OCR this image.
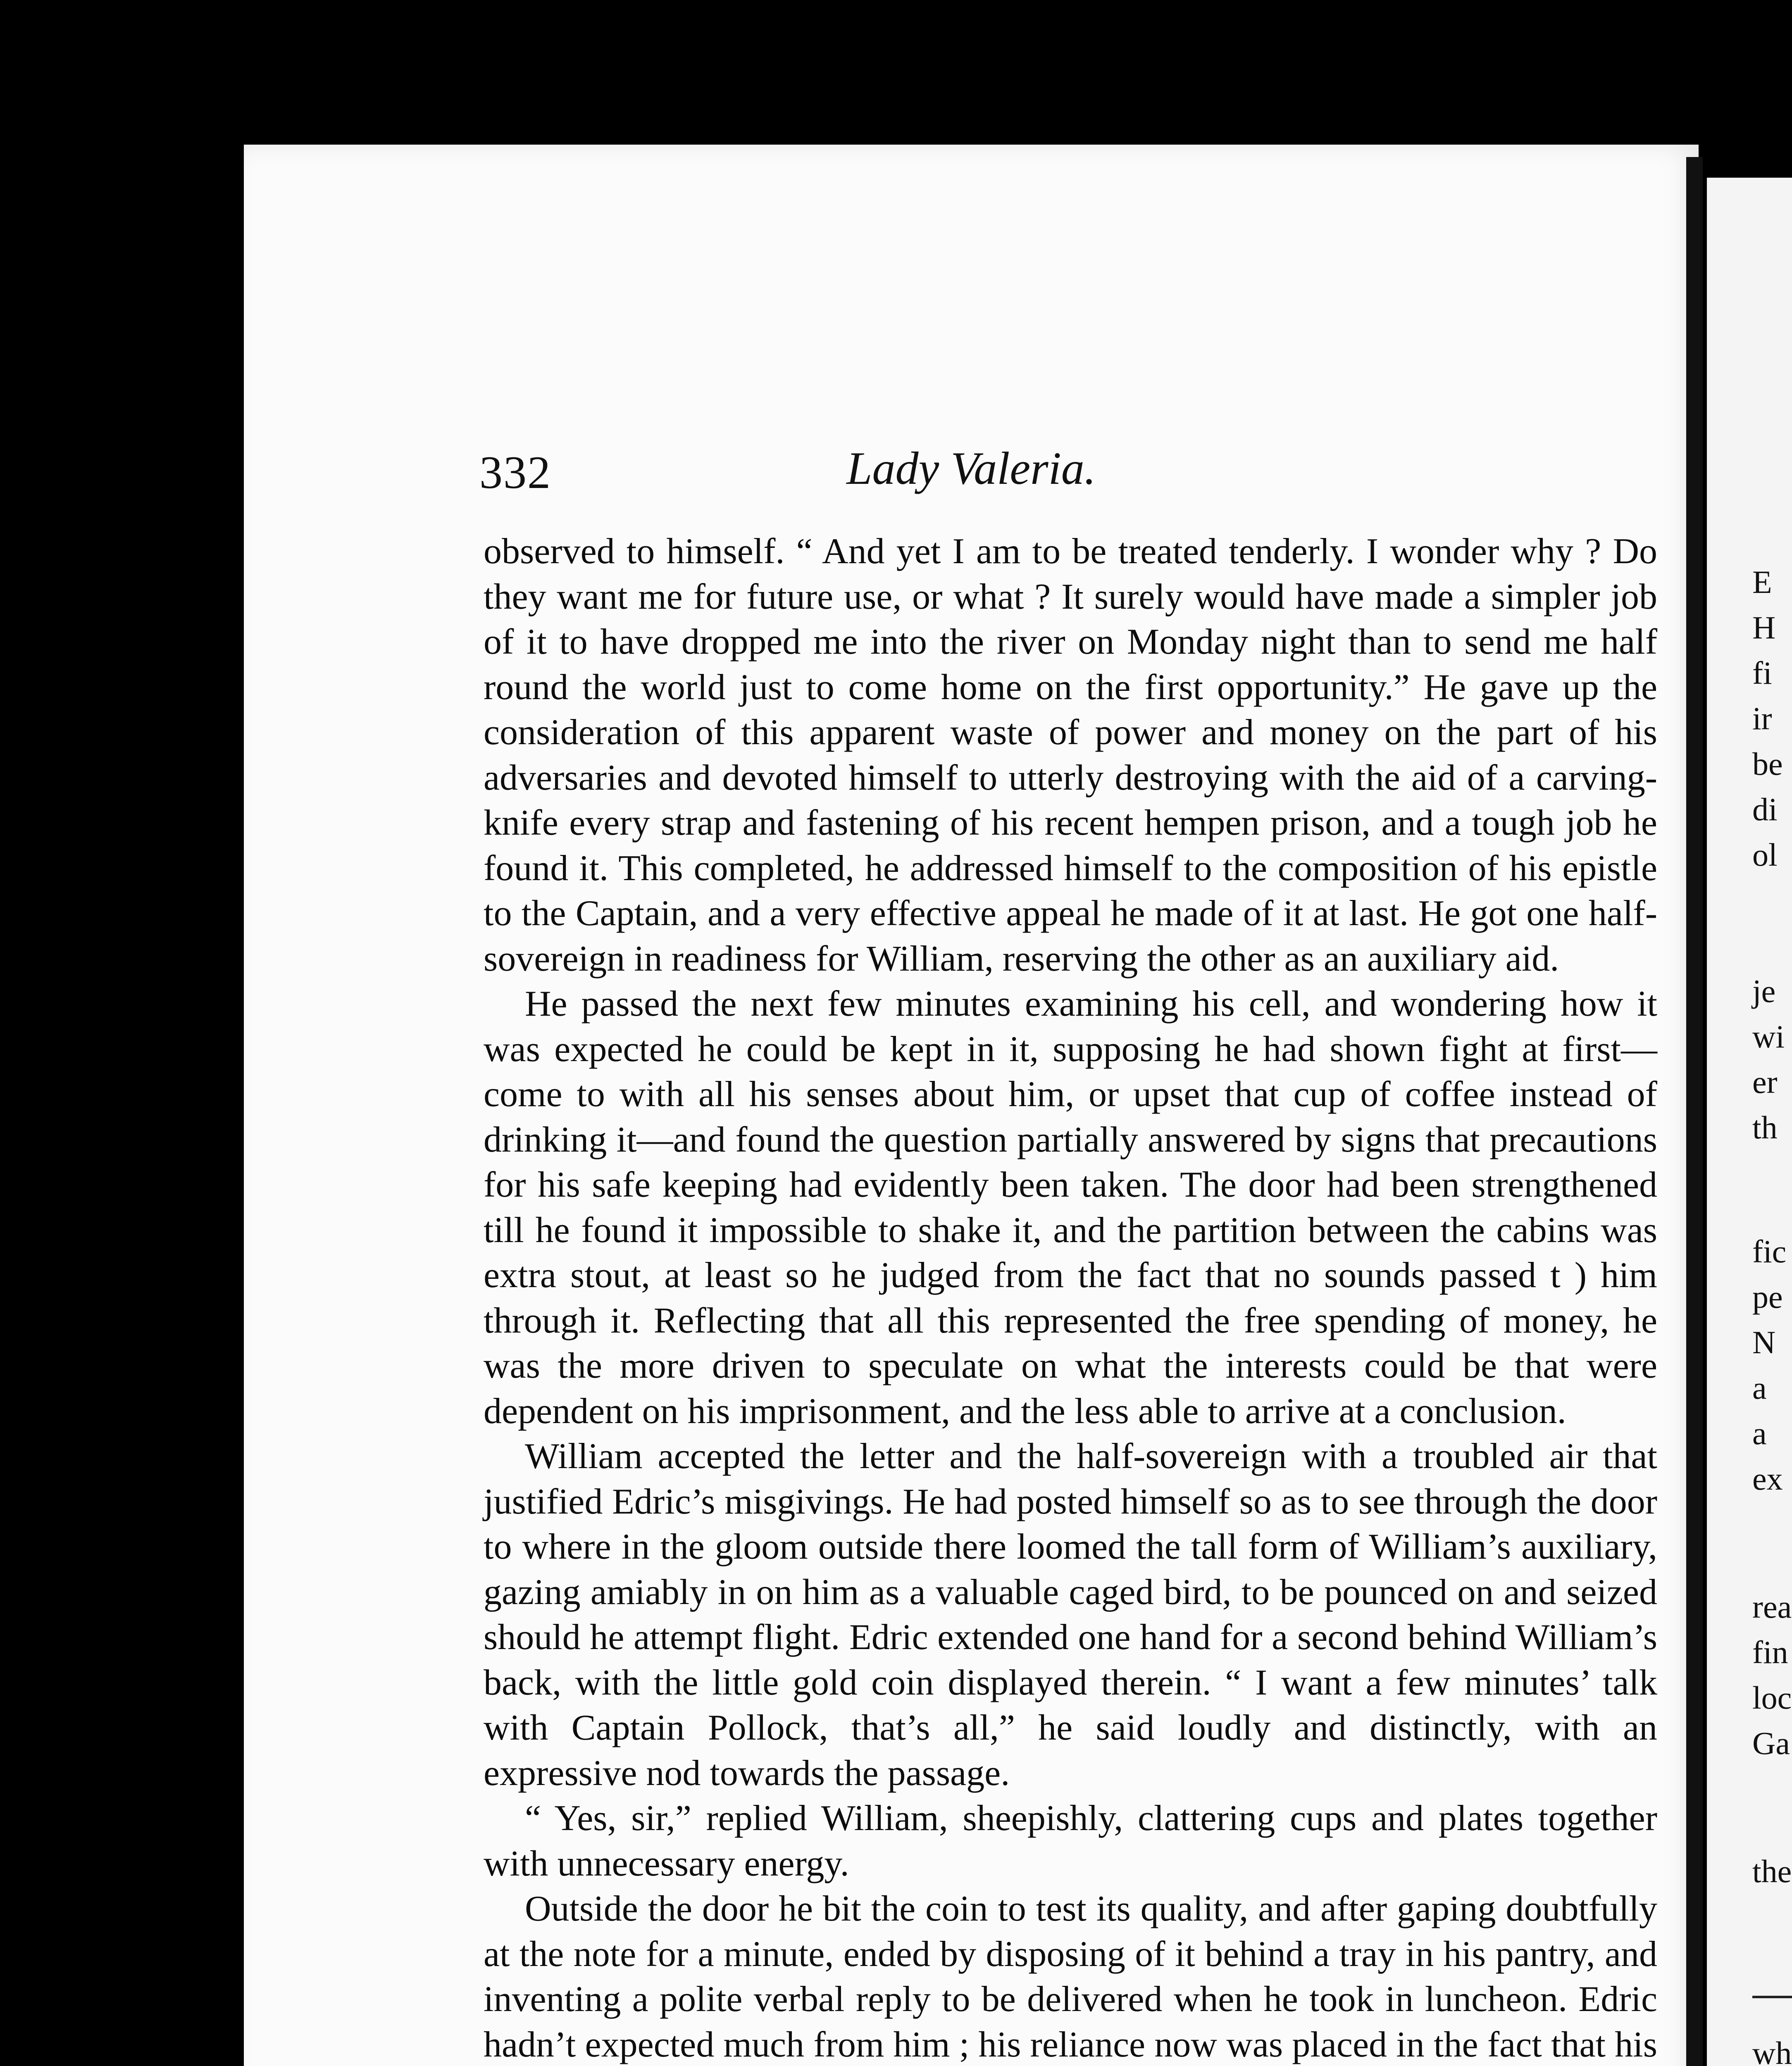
332	Lady Valeria.

observed to himself. “ And yet I am to be treated tenderly. I wonder why ? Do they want me for future use, or what ? It surely would have made a simpler job of it to have dropped me into the river on Monday night than to send me half round the world just to come home on the first opportunity.” He gave up the consideration of this apparent waste of power and money on the part of his adversaries and devoted himself to utterly destroying with the aid of a carving-knife every strap and fastening of his recent hempen prison, and a tough job he found it. This completed, he addressed himself to the composition of his epistle to the Captain, and a very effective appeal he made of it at last. He got one half-sovereign in readiness for William, reserving the other as an auxiliary aid.

He passed the next few minutes examining his cell, and wondering how it was expected he could be kept in it, supposing he had shown fight at first—come to with all his senses about him, or upset that cup of coffee instead of drinking it—and found the question partially answered by signs that precautions for his safe keeping had evidently been taken. The door had been strengthened till he found it impossible to shake it, and the partition between the cabins was extra stout, at least so he judged from the fact that no sounds passed t ) him through it. Reflecting that all this represented the free spending of money, he was the more driven to speculate on what the interests could be that were dependent on his imprisonment, and the less able to arrive at a conclusion.

William accepted the letter and the half-sovereign with a troubled air that justified Edric’s misgivings. He had posted himself so as to see through the door to where in the gloom outside there loomed the tall form of William’s auxiliary, gazing amiably in on him as a valuable caged bird, to be pounced on and seized should he attempt flight. Edric extended one hand for a second behind William’s back, with the little gold coin displayed therein. “ I want a few minutes’ talk with Captain Pollock, that’s all,” he said loudly and distinctly, with an expressive nod towards the passage.

“ Yes, sir,” replied William, sheepishly, clattering cups and plates together with unnecessary energy.

Outside the door he bit the coin to test its quality, and after gaping doubtfully at the note for a minute, ended by disposing of it behind a tray in his pantry, and inventing a polite verbal reply to be delivered when he took in luncheon. Edric hadn’t expected much from him ; his reliance now was placed in the fact that his

E
H
fi
ir
be
di
ol
je
wi
er
th
fic
pe
N
a
a
ex
rea
fin
loc
Ga
the
wh
